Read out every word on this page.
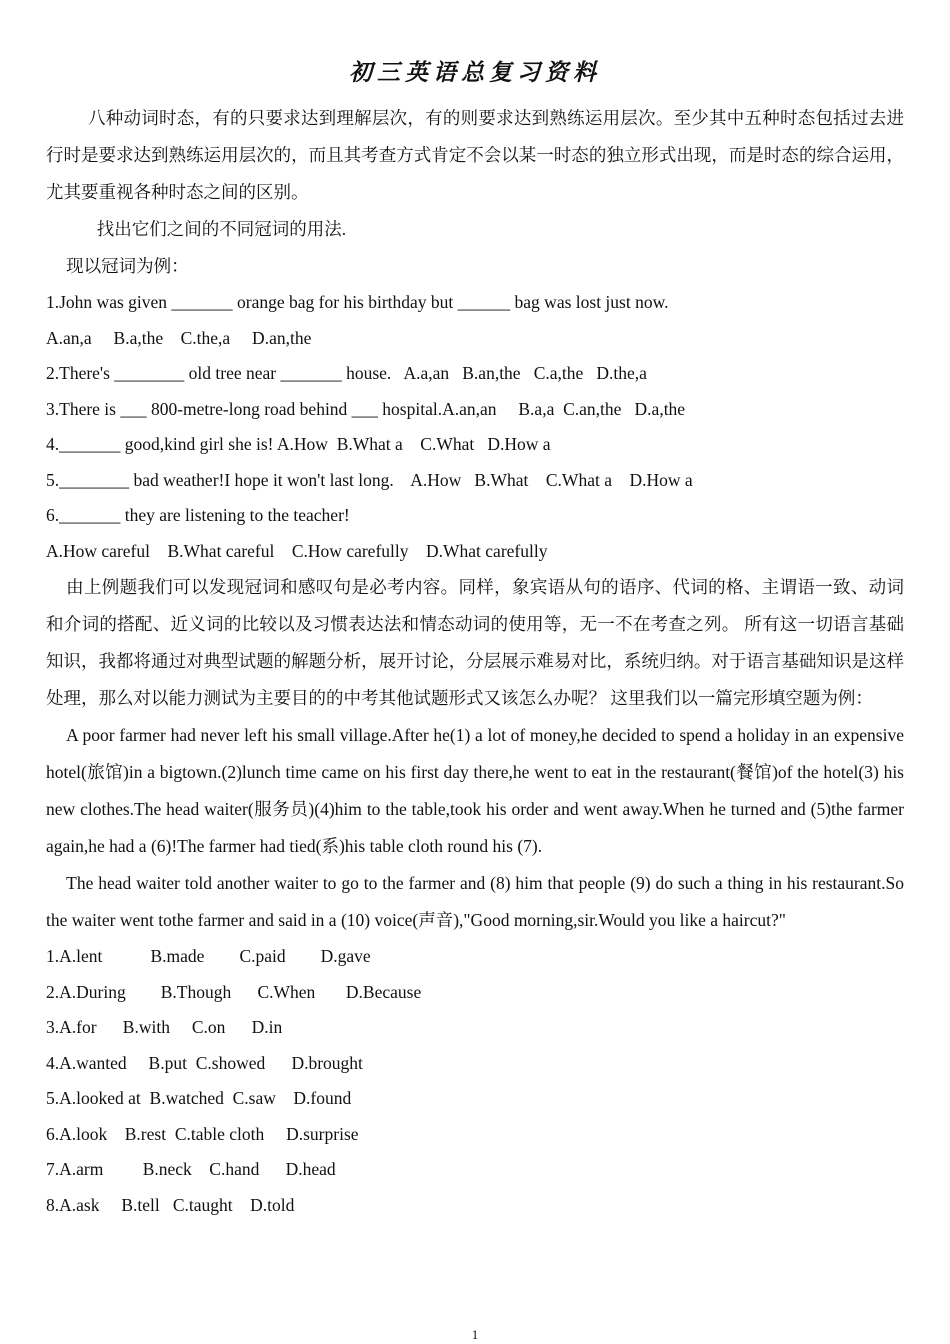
初三英语总复习资料

八种动词时态，有的只要求达到理解层次，有的则要求达到熟练运用层次。至少其中五种时态包括过去进行时是要求达到熟练运用层次的，而且其考查方式肯定不会以某一时态的独立形式出现，而是时态的综合运用，尤其要重视各种时态之间的区别。

找出它们之间的不同冠词的用法.

现以冠词为例：

1.John was given _______ orange bag for his birthday but ______ bag was lost just now.

A.an,a     B.a,the    C.the,a     D.an,the

2.There's ________ old tree near _______ house.   A.a,an   B.an,the   C.a,the   D.the,a

3.There is ___ 800-metre-long road behind ___ hospital.A.an,an     B.a,a  C.an,the   D.a,the

4._______ good,kind girl she is! A.How  B.What a    C.What   D.How a

5.________ bad weather!I hope it won't last long.    A.How   B.What    C.What a    D.How a

6._______ they are listening to the teacher!

A.How careful    B.What careful    C.How carefully    D.What carefully

由上例题我们可以发现冠词和感叹句是必考内容。同样，象宾语从句的语序、代词的格、主谓语一致、动词和介词的搭配、近义词的比较以及习惯表达法和情态动词的使用等，无一不在考查之列。 所有这一切语言基础知识，我都将通过对典型试题的解题分析，展开讨论，分层展示难易对比，系统归纳。对于语言基础知识是这样处理，那么对以能力测试为主要目的的中考其他试题形式又该怎么办呢？ 这里我们以一篇完形填空题为例：

A poor farmer had never left his small village.After he(1) a lot of money,he decided to spend a holiday in an expensive hotel(旅馆)in a bigtown.(2)lunch time came on his first day there,he went to eat in the restaurant(餐馆)of the hotel(3) his new clothes.The head waiter(服务员)(4)him to the table,took his order and went away.When he turned and (5)the farmer again,he had a (6)!The farmer had tied(系)his table cloth round his (7).

The head waiter told another waiter to go to the farmer and (8) him that people (9) do such a thing in his restaurant.So the waiter went tothe farmer and said in a (10) voice(声音),"Good morning,sir.Would you like a haircut?"

1.A.lent           B.made        C.paid        D.gave

2.A.During        B.Though      C.When       D.Because

3.A.for      B.with     C.on      D.in

4.A.wanted     B.put  C.showed      D.brought

5.A.looked at  B.watched  C.saw    D.found

6.A.look    B.rest  C.table cloth     D.surprise

7.A.arm         B.neck    C.hand      D.head

8.A.ask     B.tell   C.taught    D.told

1
